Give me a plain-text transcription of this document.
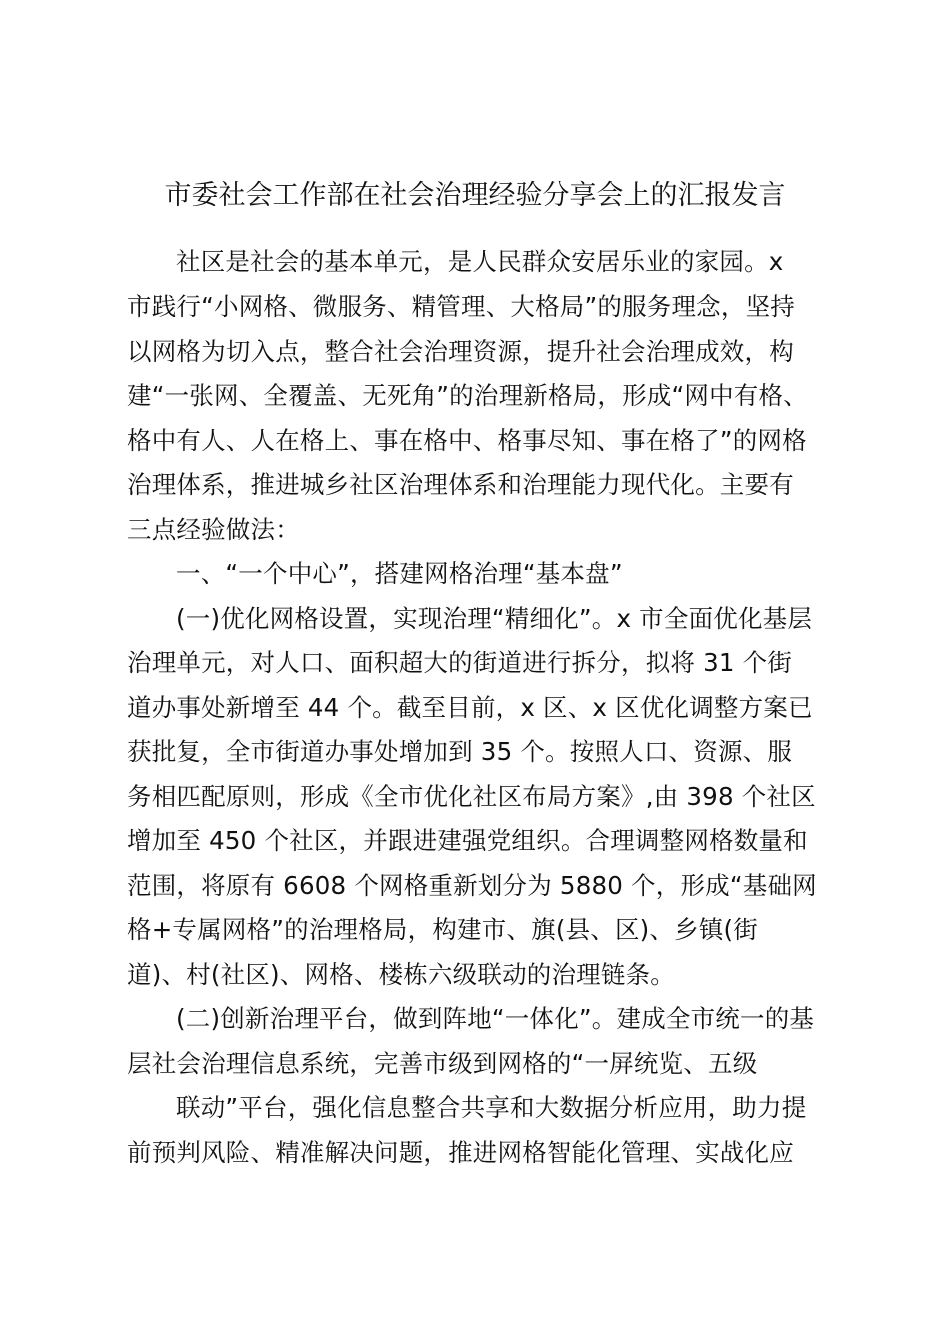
市委社会工作部在社会治理经验分享会上的汇报发言
社区是社会的基本单元，是人民群众安居乐业的家园。x
市践行“小网格、微服务、精管理、大格局”的服务理念，坚持
以网格为切入点，整合社会治理资源，提升社会治理成效，构
建“一张网、全覆盖、无死角”的治理新格局，形成“网中有格、
格中有人、人在格上、事在格中、格事尽知、事在格了”的网格
治理体系，推进城乡社区治理体系和治理能力现代化。主要有
三点经验做法：
一、“一个中心”，搭建网格治理“基本盘”
(一)优化网格设置，实现治理“精细化”。x 市全面优化基层
治理单元，对人口、面积超大的街道进行拆分，拟将 31 个街
道办事处新增至 44 个。截至目前，x 区、x 区优化调整方案已
获批复，全市街道办事处增加到 35 个。按照人口、资源、服
务相匹配原则，形成《全市优化社区布局方案》,由 398 个社区
增加至 450 个社区，并跟进建强党组织。合理调整网格数量和
范围，将原有 6608 个网格重新划分为 5880 个，形成“基础网
格+专属网格”的治理格局，构建市、旗(县、区)、乡镇(街
道)、村(社区)、网格、楼栋六级联动的治理链条。
(二)创新治理平台，做到阵地“一体化”。建成全市统一的基
层社会治理信息系统，完善市级到网格的“一屏统览、五级
联动”平台，强化信息整合共享和大数据分析应用，助力提
前预判风险、精准解决问题，推进网格智能化管理、实战化应
